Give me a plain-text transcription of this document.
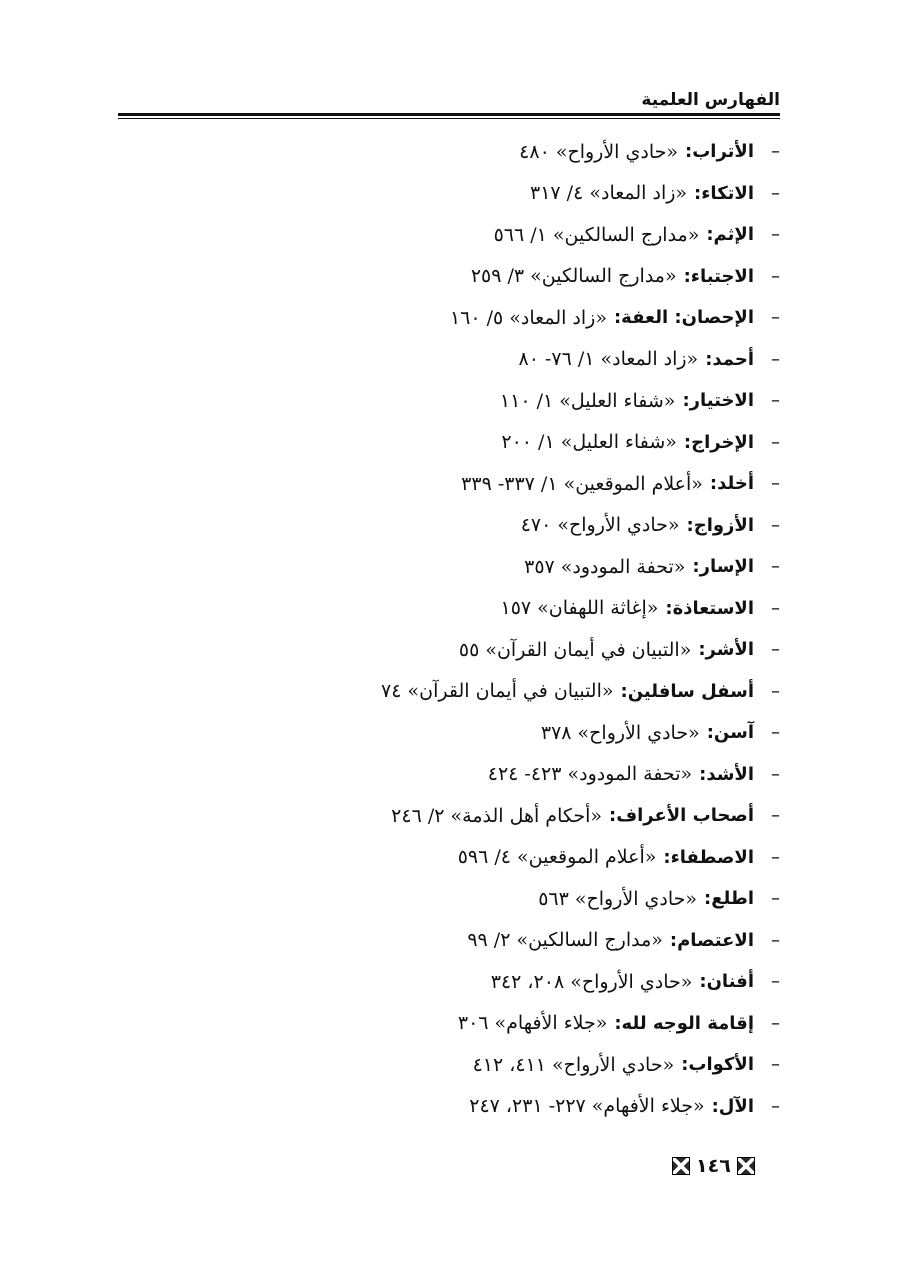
الفهارس العلمية
–
الأتراب:
«حادي الأرواح» ٤٨٠
–
الاتكاء:
«زاد المعاد» ٤/ ٣١٧
–
الإثم:
«مدارج السالكين» ١/ ٥٦٦
–
الاجتباء:
«مدارج السالكين» ٣/ ٢٥٩
–
الإحصان: العفة:
«زاد المعاد» ٥/ ١٦٠
–
أحمد:
«زاد المعاد» ١/ ٧٦- ٨٠
–
الاختيار:
«شفاء العليل» ١/ ١١٠
–
الإخراج:
«شفاء العليل» ١/ ٢٠٠
–
أخلد:
«أعلام الموقعين» ١/ ٣٣٧- ٣٣٩
–
الأزواج:
«حادي الأرواح» ٤٧٠
–
الإسار:
«تحفة المودود» ٣٥٧
–
الاستعاذة:
«إغاثة اللهفان» ١٥٧
–
الأشر:
«التبيان في أيمان القرآن» ٥٥
–
أسفل سافلين:
«التبيان في أيمان القرآن» ٧٤
–
آسن:
«حادي الأرواح» ٣٧٨
–
الأشد:
«تحفة المودود» ٤٢٣- ٤٢٤
–
أصحاب الأعراف:
«أحكام أهل الذمة» ٢/ ٢٤٦
–
الاصطفاء:
«أعلام الموقعين» ٤/ ٥٩٦
–
اطلع:
«حادي الأرواح» ٥٦٣
–
الاعتصام:
«مدارج السالكين» ٢/ ٩٩
–
أفنان:
«حادي الأرواح» ٢٠٨، ٣٤٢
–
إقامة الوجه لله:
«جلاء الأفهام» ٣٠٦
–
الأكواب:
«حادي الأرواح» ٤١١، ٤١٢
–
الآل:
«جلاء الأفهام» ٢٢٧- ٢٣١، ٢٤٧
١٤٦
